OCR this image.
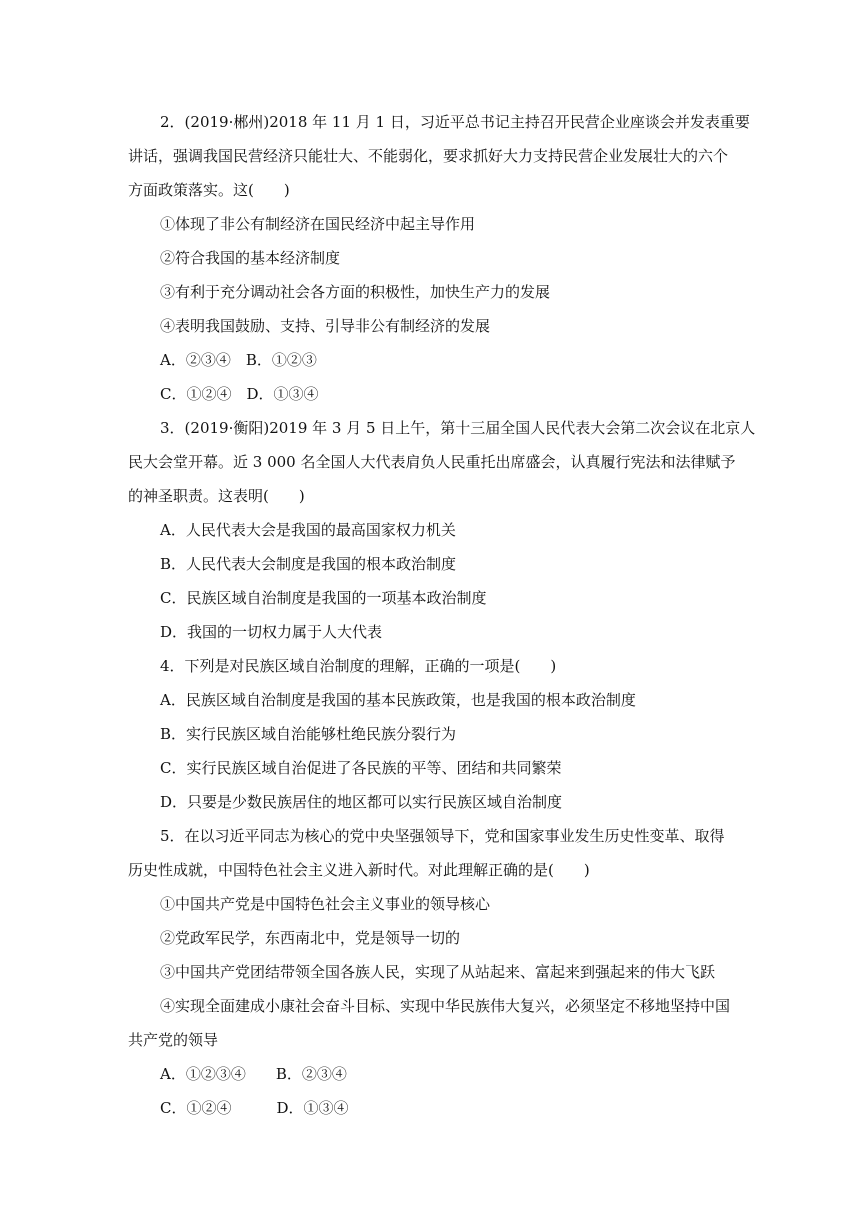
2．(2019·郴州)2018 年 11 月 1 日，习近平总书记主持召开民营企业座谈会并发表重要
讲话，强调我国民营经济只能壮大、不能弱化，要求抓好大力支持民营企业发展壮大的六个
方面政策落实。这(　　)
①体现了非公有制经济在国民经济中起主导作用
②符合我国的基本经济制度
③有利于充分调动社会各方面的积极性，加快生产力的发展
④表明我国鼓励、支持、引导非公有制经济的发展
A．②③④　B．①②③
C．①②④　D．①③④
3．(2019·衡阳)2019 年 3 月 5 日上午，第十三届全国人民代表大会第二次会议在北京人
民大会堂开幕。近 3 000 名全国人大代表肩负人民重托出席盛会，认真履行宪法和法律赋予
的神圣职责。这表明(　　)
A．人民代表大会是我国的最高国家权力机关
B．人民代表大会制度是我国的根本政治制度
C．民族区域自治制度是我国的一项基本政治制度
D．我国的一切权力属于人大代表
4．下列是对民族区域自治制度的理解，正确的一项是(　　)
A．民族区域自治制度是我国的基本民族政策，也是我国的根本政治制度
B．实行民族区域自治能够杜绝民族分裂行为
C．实行民族区域自治促进了各民族的平等、团结和共同繁荣
D．只要是少数民族居住的地区都可以实行民族区域自治制度
5．在以习近平同志为核心的党中央坚强领导下，党和国家事业发生历史性变革、取得
历史性成就，中国特色社会主义进入新时代。对此理解正确的是(　　)
①中国共产党是中国特色社会主义事业的领导核心
②党政军民学，东西南北中，党是领导一切的
③中国共产党团结带领全国各族人民，实现了从站起来、富起来到强起来的伟大飞跃
④实现全面建成小康社会奋斗目标、实现中华民族伟大复兴，必须坚定不移地坚持中国
共产党的领导
A．①②③④　　B．②③④
C．①②④　　　D．①③④
